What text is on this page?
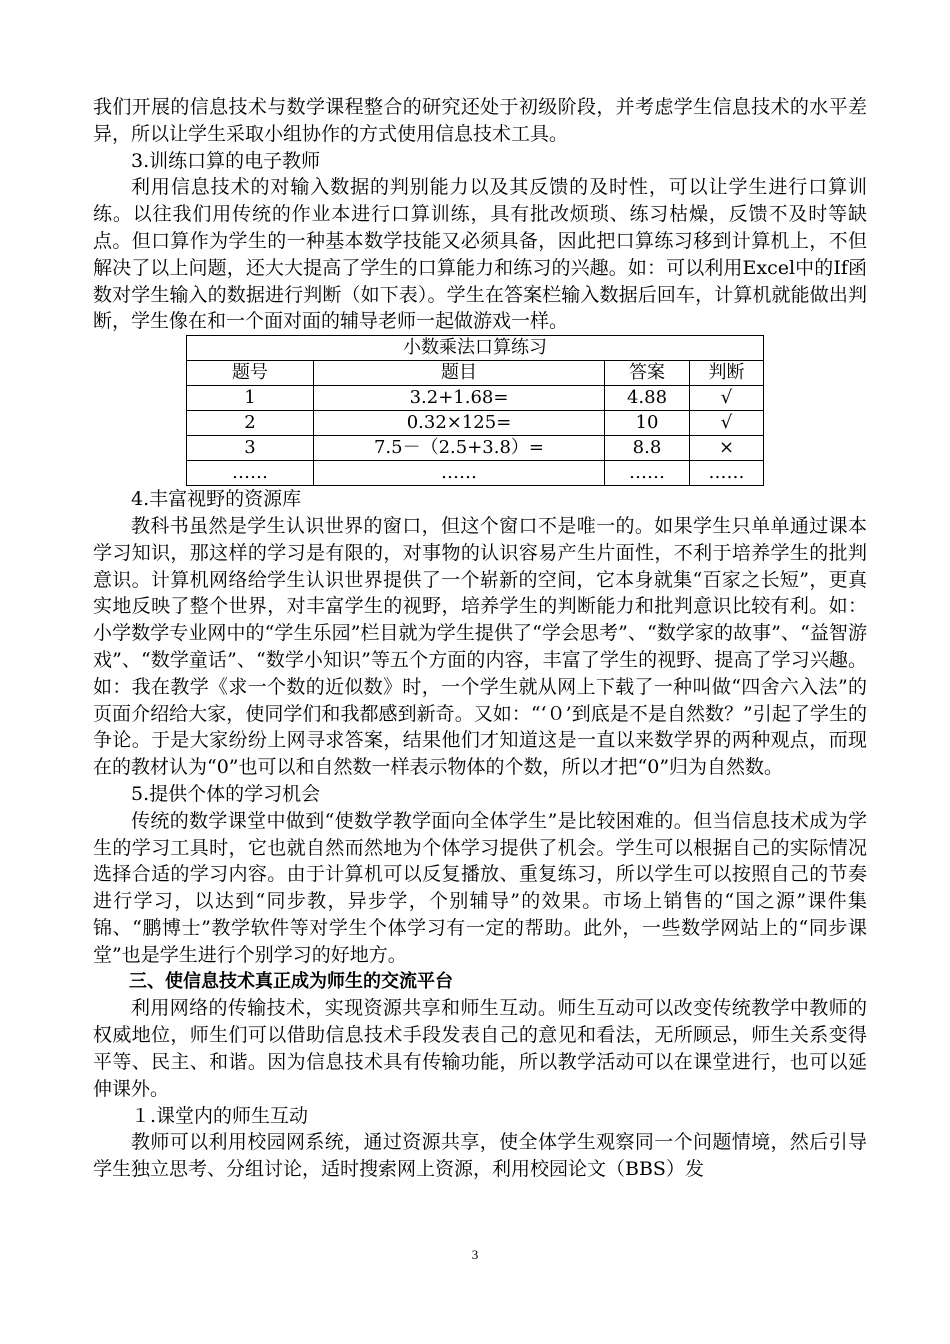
我们开展的信息技术与数学课程整合的研究还处于初级阶段，并考虑学生信息技术的水平差异，所以让学生采取小组协作的方式使用信息技术工具。

3.训练口算的电子教师

利用信息技术的对输入数据的判别能力以及其反馈的及时性，可以让学生进行口算训练。以往我们用传统的作业本进行口算训练，具有批改烦琐、练习枯燥，反馈不及时等缺点。但口算作为学生的一种基本数学技能又必须具备，因此把口算练习移到计算机上，不但解决了以上问题，还大大提高了学生的口算能力和练习的兴趣。如：可以利用Excel中的If函数对学生输入的数据进行判断（如下表）。学生在答案栏输入数据后回车，计算机就能做出判断，学生像在和一个面对面的辅导老师一起做游戏一样。

小数乘法口算练习			
题号	题目	答案	判断
1	3.2+1.68=	4.88	√
2	0.32×125=	10	√
3	7.5－（2.5+3.8）=	8.8	×
……	……	……	……

4.丰富视野的资源库

教科书虽然是学生认识世界的窗口，但这个窗口不是唯一的。如果学生只单单通过课本学习知识，那这样的学习是有限的，对事物的认识容易产生片面性，不利于培养学生的批判意识。计算机网络给学生认识世界提供了一个崭新的空间，它本身就集“百家之长短”，更真实地反映了整个世界，对丰富学生的视野，培养学生的判断能力和批判意识比较有利。如：小学数学专业网中的“学生乐园”栏目就为学生提供了“学会思考”、“数学家的故事”、“益智游戏”、“数学童话”、“数学小知识”等五个方面的内容，丰富了学生的视野、提高了学习兴趣。如：我在教学《求一个数的近似数》时，一个学生就从网上下载了一种叫做“四舍六入法”的页面介绍给大家，使同学们和我都感到新奇。又如：“‘０’到底是不是自然数？”引起了学生的争论。于是大家纷纷上网寻求答案，结果他们才知道这是一直以来数学界的两种观点，而现在的教材认为“0”也可以和自然数一样表示物体的个数，所以才把“0”归为自然数。

5.提供个体的学习机会

传统的数学课堂中做到“使数学教学面向全体学生”是比较困难的。但当信息技术成为学生的学习工具时，它也就自然而然地为个体学习提供了机会。学生可以根据自己的实际情况选择合适的学习内容。由于计算机可以反复播放、重复练习，所以学生可以按照自己的节奏进行学习，以达到“同步教，异步学，个别辅导”的效果。市场上销售的“国之源”课件集锦、“鹏博士”教学软件等对学生个体学习有一定的帮助。此外，一些数学网站上的“同步课堂”也是学生进行个别学习的好地方。

三、使信息技术真正成为师生的交流平台

利用网络的传输技术，实现资源共享和师生互动。师生互动可以改变传统教学中教师的权威地位，师生们可以借助信息技术手段发表自己的意见和看法，无所顾忌，师生关系变得平等、民主、和谐。因为信息技术具有传输功能，所以教学活动可以在课堂进行，也可以延伸课外。

１.课堂内的师生互动

教师可以利用校园网系统，通过资源共享，使全体学生观察同一个问题情境，然后引导学生独立思考、分组讨论，适时搜索网上资源，利用校园论文（BBS）发

3
